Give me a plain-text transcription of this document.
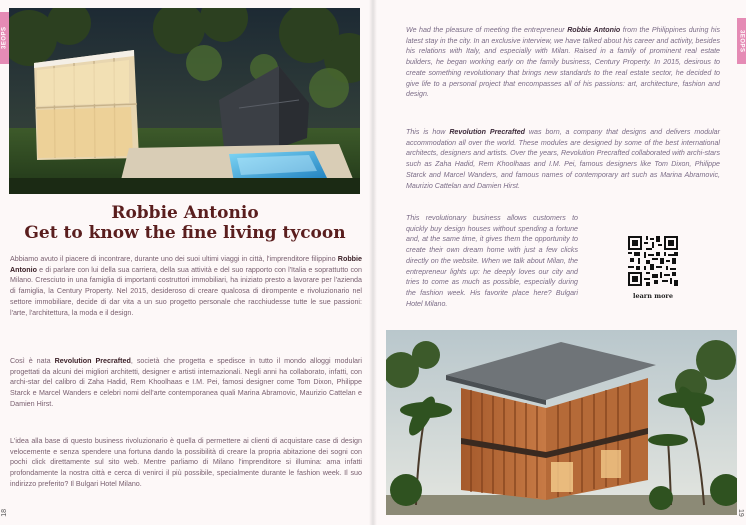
3EOPS
Robbie Antonio
Get to know the fine living tycoon
Abbiamo avuto il piacere di incontrare, durante uno dei suoi ultimi viaggi in città, l'imprenditore filippino Robbie Antonio e di parlare con lui della sua carriera, della sua attività e del suo rapporto con l'Italia e soprattutto con Milano. Cresciuto in una famiglia di importanti costruttori immobiliari, ha iniziato presto a lavorare per l'azienda di famiglia, la Century Property. Nel 2015, desideroso di creare qualcosa di dirompente e rivoluzionario nel settore immobiliare, decide di dar vita a un suo progetto personale che racchiudesse tutte le sue passioni: l'arte, l'architettura, la moda e il design.
Così è nata Revolution Precrafted, società che progetta e spedisce in tutto il mondo alloggi modulari progettati da alcuni dei migliori architetti, designer e artisti internazionali. Negli anni ha collaborato, infatti, con archi-star del calibro di Zaha Hadid, Rem Khoolhaas e I.M. Pei, famosi designer come Tom Dixon, Philippe Starck e Marcel Wanders e celebri nomi dell'arte contemporanea quali Marina Abramovic, Maurizio Cattelan e Damien Hirst.
L'idea alla base di questo business rivoluzionario è quella di permettere ai clienti di acquistare case di design velocemente e senza spendere una fortuna dando la possibilità di creare la propria abitazione dei sogni con pochi click direttamente sul sito web. Mentre parliamo di Milano l'imprenditore si illumina: ama infatti profondamente la nostra città e cerca di venirci il più possibile, specialmente durante le fashion week. Il suo indirizzo preferito? Il Bulgari Hotel Milano.
18
3EOPS
19
We had the pleasure of meeting the entrepreneur Robbie Antonio from the Philippines during his latest stay in the city. In an exclusive interview, we have talked about his career and activity, besides his relations with Italy, and especially with Milan. Raised in a family of prominent real estate builders, he began working early on the family business, Century Property. In 2015, desirous to create something revolutionary that brings new standards to the real estate sector, he decided to give life to a personal project that encompasses all of his passions: art, architecture, fashion and design.
This is how Revolution Precrafted was born, a company that designs and delivers modular accommodation all over the world. These modules are designed by some of the best international architects, designers and artists. Over the years, Revolution Precrafted collaborated with archi-stars such as Zaha Hadid, Rem Khoolhaas and I.M. Pei, famous designers like Tom Dixon, Philippe Starck and Marcel Wanders, and famous names of contemporary art such as Marina Abramovic, Maurizio Cattelan and Damien Hirst.
This revolutionary business allows customers to quickly buy design houses without spending a fortune and, at the same time, it gives them the opportunity to create their own dream home with just a few clicks directly on the website. When we talk about Milan, the entrepreneur lights up: he deeply loves our city and tries to come as much as possible, especially during the fashion week. His favorite place here? Bulgari Hotel Milano.
learn more
